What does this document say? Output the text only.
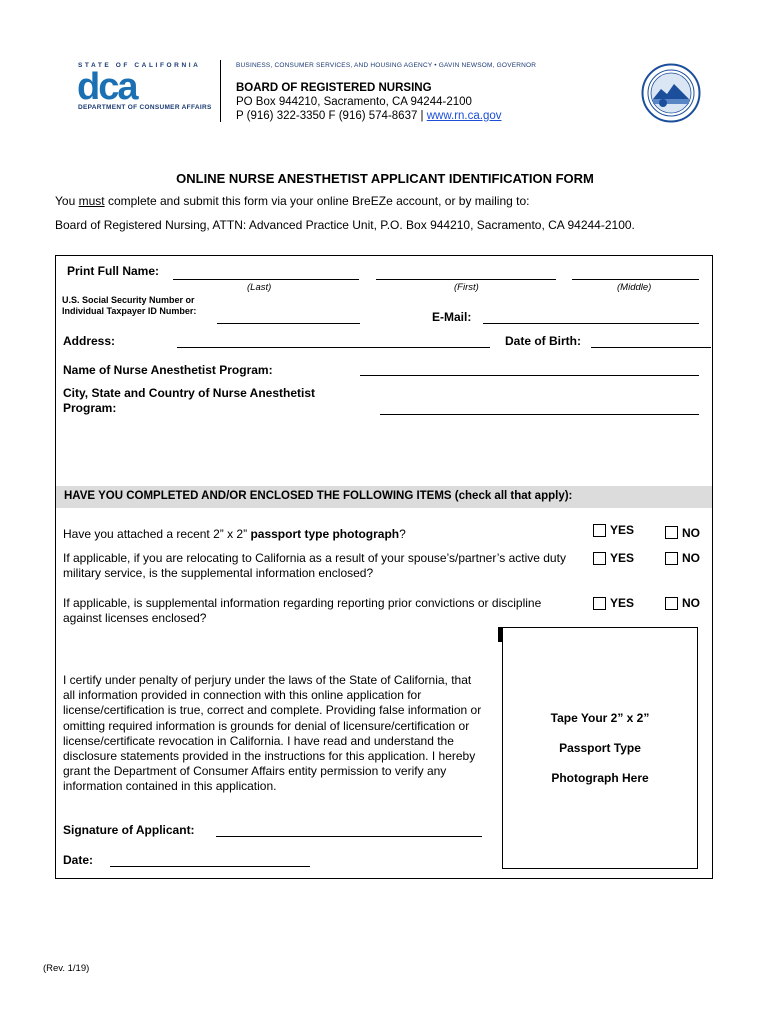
STATE OF CALIFORNIA
dca
DEPARTMENT OF CONSUMER AFFAIRS
BUSINESS, CONSUMER SERVICES, AND HOUSING AGENCY • GAVIN NEWSOM, GOVERNOR
BOARD OF REGISTERED NURSING
PO Box 944210, Sacramento, CA 94244-2100
P (916) 322-3350 F (916) 574-8637 | www.rn.ca.gov
ONLINE NURSE ANESTHETIST APPLICANT IDENTIFICATION FORM
You must complete and submit this form via your online BreEZe account, or by mailing to:
Board of Registered Nursing, ATTN: Advanced Practice Unit, P.O. Box 944210, Sacramento, CA 94244-2100.
Print Full Name:
(Last)	(First)	(Middle)
U.S. Social Security Number or
Individual Taxpayer ID Number:	E-Mail:
Address:	Date of Birth:
Name of Nurse Anesthetist Program:
City, State and Country of Nurse Anesthetist
Program:
HAVE YOU COMPLETED AND/OR ENCLOSED THE FOLLOWING ITEMS (check all that apply):
Have you attached a recent 2” x 2” passport type photograph?	YES	NO
If applicable, if you are relocating to California as a result of your spouse’s/partner’s active duty military service, is the supplemental information enclosed?
YES	NO
If applicable, is supplemental information regarding reporting prior convictions or discipline against licenses enclosed?
YES	NO
Tape Your 2” x 2”
Passport Type
Photograph Here
I certify under penalty of perjury under the laws of the State of California, that all information provided in connection with this online application for license/certification is true, correct and complete. Providing false information or omitting required information is grounds for denial of licensure/certification or license/certificate revocation in California. I have read and understand the disclosure statements provided in the instructions for this application. I hereby grant the Department of Consumer Affairs entity permission to verify any information contained in this application.
Signature of Applicant:
Date:
(Rev. 1/19)
